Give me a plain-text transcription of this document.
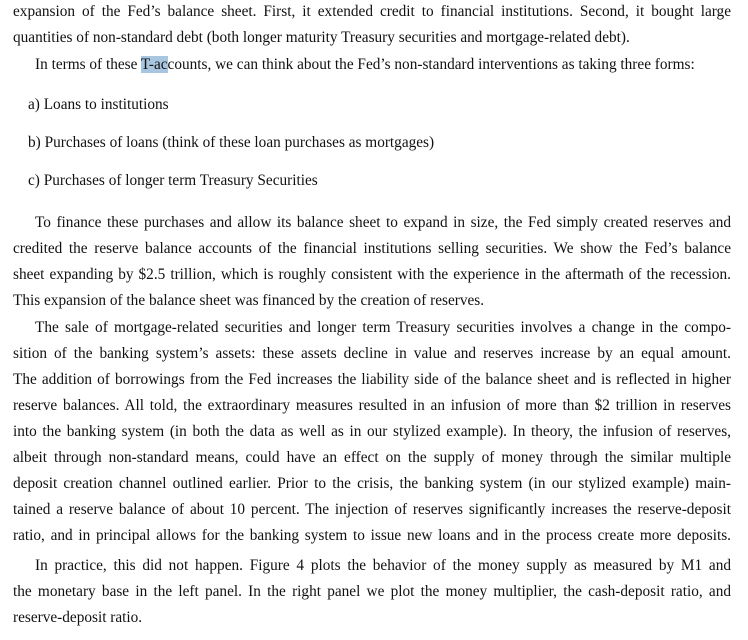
expansion of the Fed’s balance sheet. First, it extended credit to financial institutions. Second, it bought large
quantities of non-standard debt (both longer maturity Treasury securities and mortgage-related debt).
In terms of these T-accounts, we can think about the Fed’s non-standard interventions as taking three forms:
a) Loans to institutions
b) Purchases of loans (think of these loan purchases as mortgages)
c) Purchases of longer term Treasury Securities
To finance these purchases and allow its balance sheet to expand in size, the Fed simply created reserves and
credited the reserve balance accounts of the financial institutions selling securities. We show the Fed’s balance
sheet expanding by $2.5 trillion, which is roughly consistent with the experience in the aftermath of the recession.
This expansion of the balance sheet was financed by the creation of reserves.
The sale of mortgage-related securities and longer term Treasury securities involves a change in the compo-
sition of the banking system’s assets: these assets decline in value and reserves increase by an equal amount.
The addition of borrowings from the Fed increases the liability side of the balance sheet and is reflected in higher
reserve balances. All told, the extraordinary measures resulted in an infusion of more than $2 trillion in reserves
into the banking system (in both the data as well as in our stylized example). In theory, the infusion of reserves,
albeit through non-standard means, could have an effect on the supply of money through the similar multiple
deposit creation channel outlined earlier. Prior to the crisis, the banking system (in our stylized example) main-
tained a reserve balance of about 10 percent. The injection of reserves significantly increases the reserve-deposit
ratio, and in principal allows for the banking system to issue new loans and in the process create more deposits.
In practice, this did not happen. Figure 4 plots the behavior of the money supply as measured by M1 and
the monetary base in the left panel. In the right panel we plot the money multiplier, the cash-deposit ratio, and
reserve-deposit ratio.
